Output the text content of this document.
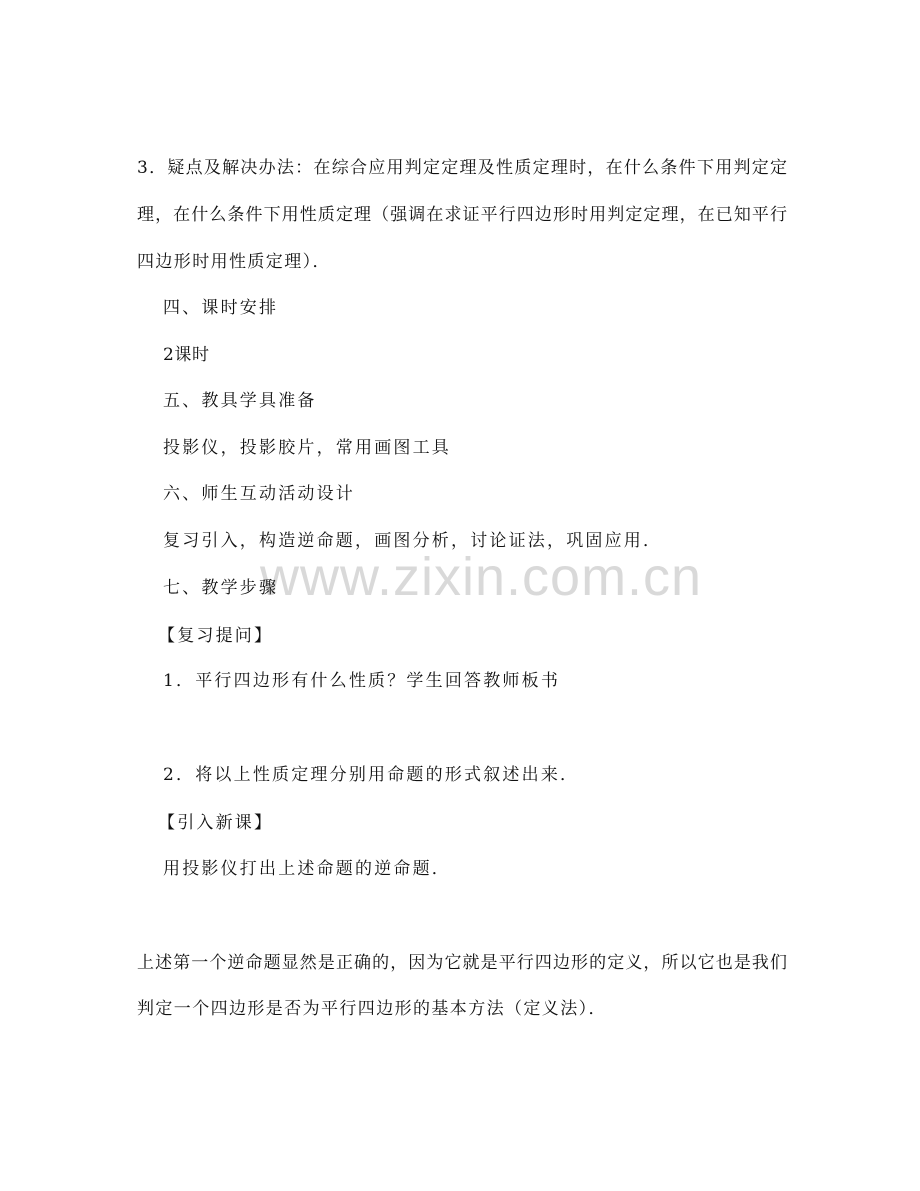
www.zixin.com.cn
3．疑点及解决办法：在综合应用判定定理及性质定理时，在什么条件下用判定定
理，在什么条件下用性质定理（强调在求证平行四边形时用判定定理，在已知平行
四边形时用性质定理）．
四、课时安排
2课时
五、教具学具准备
投影仪，投影胶片，常用画图工具
六、师生互动活动设计
复习引入，构造逆命题，画图分析，讨论证法，巩固应用．
七、教学步骤
【复习提问】
1．平行四边形有什么性质？学生回答教师板书
2．将以上性质定理分别用命题的形式叙述出来．
【引入新课】
用投影仪打出上述命题的逆命题．
上述第一个逆命题显然是正确的，因为它就是平行四边形的定义，所以它也是我们
判定一个四边形是否为平行四边形的基本方法（定义法）．
